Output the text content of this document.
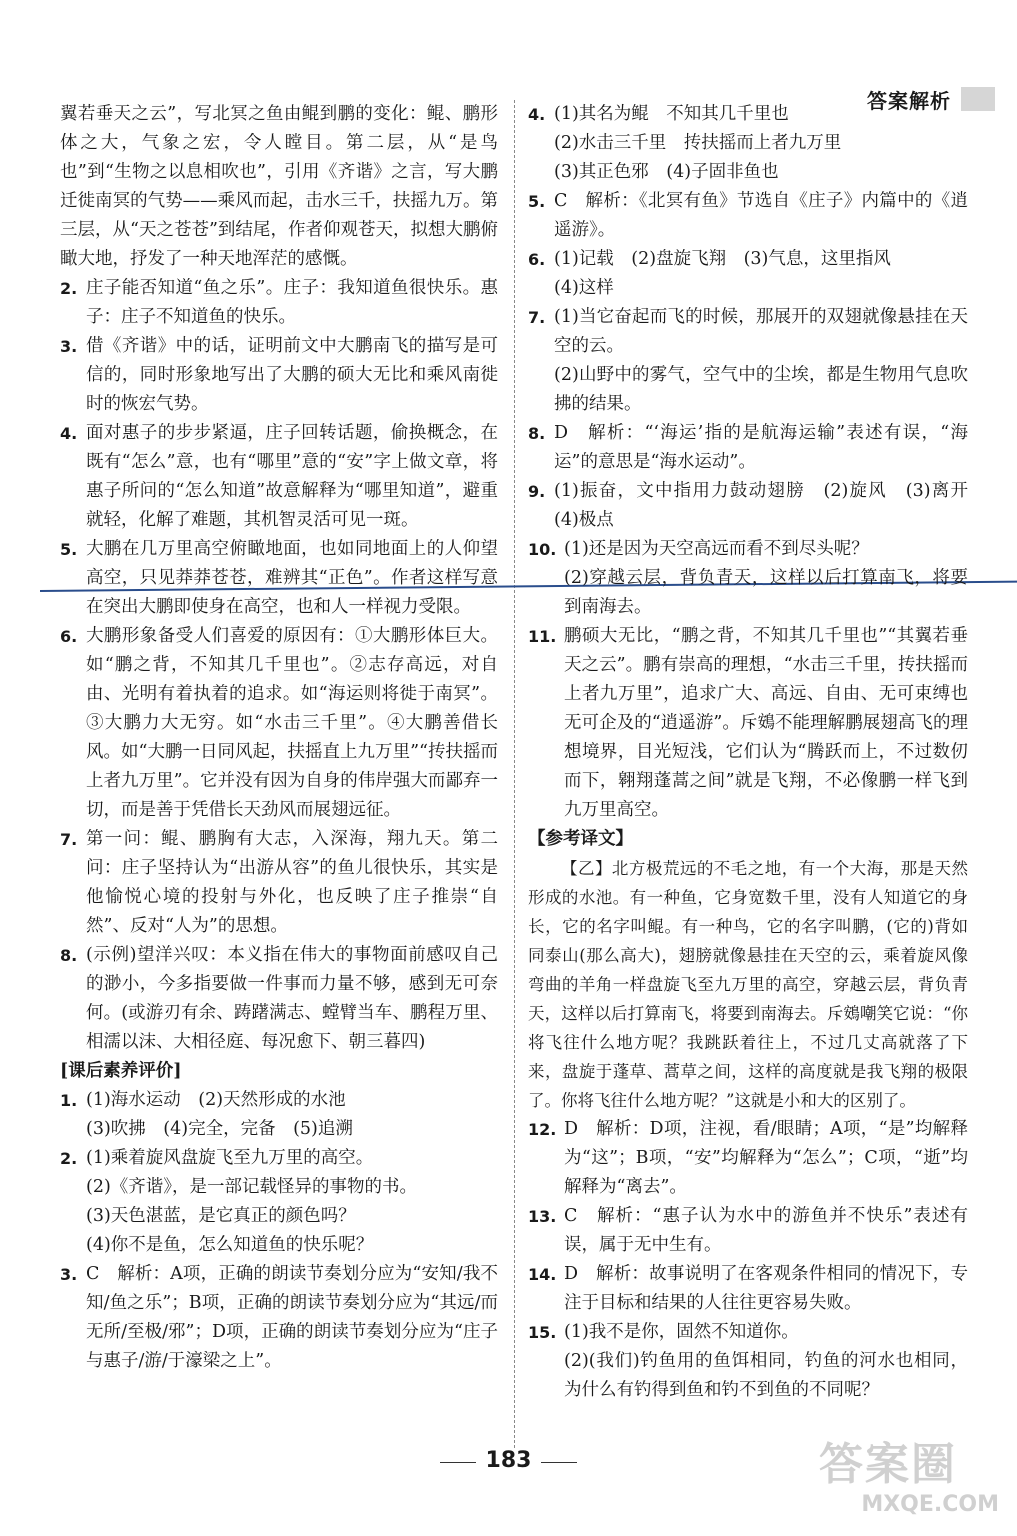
答案解析
翼若垂天之云”，写北冥之鱼由鲲到鹏的变化：鲲、鹏形体之大，气象之宏，令人瞠目。第二层，从“是鸟也”到“生物之以息相吹也”，引用《齐谐》之言，写大鹏迁徙南冥的气势——乘风而起，击水三千，扶摇九万。第三层，从“天之苍苍”到结尾，作者仰观苍天，拟想大鹏俯瞰大地，抒发了一种天地浑茫的感慨。
2. 庄子能否知道“鱼之乐”。庄子：我知道鱼很快乐。惠子：庄子不知道鱼的快乐。
3. 借《齐谐》中的话，证明前文中大鹏南飞的描写是可信的，同时形象地写出了大鹏的硕大无比和乘风南徙时的恢宏气势。
4. 面对惠子的步步紧逼，庄子回转话题，偷换概念，在既有“怎么”意，也有“哪里”意的“安”字上做文章，将惠子所问的“怎么知道”故意解释为“哪里知道”，避重就轻，化解了难题，其机智灵活可见一斑。
5. 大鹏在几万里高空俯瞰地面，也如同地面上的人仰望高空，只见莽莽苍苍，难辨其“正色”。作者这样写意在突出大鹏即使身在高空，也和人一样视力受限。
6. 大鹏形象备受人们喜爱的原因有：①大鹏形体巨大。如“鹏之背，不知其几千里也”。②志存高远，对自由、光明有着执着的追求。如“海运则将徙于南冥”。③大鹏力大无穷。如“水击三千里”。④大鹏善借长风。如“大鹏一日同风起，扶摇直上九万里”“抟扶摇而上者九万里”。它并没有因为自身的伟岸强大而鄙弃一切，而是善于凭借长天劲风而展翅远征。
7. 第一问：鲲、鹏胸有大志，入深海，翔九天。第二问：庄子坚持认为“出游从容”的鱼儿很快乐，其实是他愉悦心境的投射与外化，也反映了庄子推崇“自然”、反对“人为”的思想。
8. (示例)望洋兴叹：本义指在伟大的事物面前感叹自己的渺小，今多指要做一件事而力量不够，感到无可奈何。(或游刃有余、踌躇满志、螳臂当车、鹏程万里、相濡以沫、大相径庭、每况愈下、朝三暮四)
[课后素养评价]
1. (1)海水运动　(2)天然形成的水池
(3)吹拂　(4)完全，完备　(5)追溯
2. (1)乘着旋风盘旋飞至九万里的高空。
(2)《齐谐》，是一部记载怪异的事物的书。
(3)天色湛蓝，是它真正的颜色吗？
(4)你不是鱼，怎么知道鱼的快乐呢？
3. C　解析：A项，正确的朗读节奏划分应为“安知/我不知/鱼之乐”；B项，正确的朗读节奏划分应为“其远/而无所/至极/邪”；D项，正确的朗读节奏划分应为“庄子与惠子/游/于濠梁之上”。
4. (1)其名为鲲　不知其几千里也
(2)水击三千里　抟扶摇而上者九万里
(3)其正色邪　(4)子固非鱼也
5. C　解析：《北冥有鱼》节选自《庄子》内篇中的《逍遥游》。
6. (1)记载　(2)盘旋飞翔　(3)气息，这里指风
(4)这样
7. (1)当它奋起而飞的时候，那展开的双翅就像悬挂在天空的云。
(2)山野中的雾气，空气中的尘埃，都是生物用气息吹拂的结果。
8. D　解析：“‘海运’指的是航海运输”表述有误，“海运”的意思是“海水运动”。
9. (1)振奋，文中指用力鼓动翅膀　(2)旋风　(3)离开　(4)极点
10. (1)还是因为天空高远而看不到尽头呢？
(2)穿越云层，背负青天，这样以后打算南飞，将要到南海去。
11. 鹏硕大无比，“鹏之背，不知其几千里也”“其翼若垂天之云”。鹏有崇高的理想，“水击三千里，抟扶摇而上者九万里”，追求广大、高远、自由、无可束缚也无可企及的“逍遥游”。斥鴳不能理解鹏展翅高飞的理想境界，目光短浅，它们认为“腾跃而上，不过数仞而下，翱翔蓬蒿之间”就是飞翔，不必像鹏一样飞到九万里高空。
【参考译文】
【乙】北方极荒远的不毛之地，有一个大海，那是天然形成的水池。有一种鱼，它身宽数千里，没有人知道它的身长，它的名字叫鲲。有一种鸟，它的名字叫鹏，(它的)背如同泰山(那么高大)，翅膀就像悬挂在天空的云，乘着旋风像弯曲的羊角一样盘旋飞至九万里的高空，穿越云层，背负青天，这样以后打算南飞，将要到南海去。斥鴳嘲笑它说：“你将飞往什么地方呢？我跳跃着往上，不过几丈高就落了下来，盘旋于蓬草、蒿草之间，这样的高度就是我飞翔的极限了。你将飞往什么地方呢？”这就是小和大的区别了。
12. D　解析：D项，注视，看/眼睛；A项，“是”均解释为“这”；B项，“安”均解释为“怎么”；C项，“逝”均解释为“离去”。
13. C　解析：“惠子认为水中的游鱼并不快乐”表述有误，属于无中生有。
14. D　解析：故事说明了在客观条件相同的情况下，专注于目标和结果的人往往更容易失败。
15. (1)我不是你，固然不知道你。
(2)(我们)钓鱼用的鱼饵相同，钓鱼的河水也相同，为什么有钓得到鱼和钓不到鱼的不同呢？
183	答案圈
MXQE.COM
